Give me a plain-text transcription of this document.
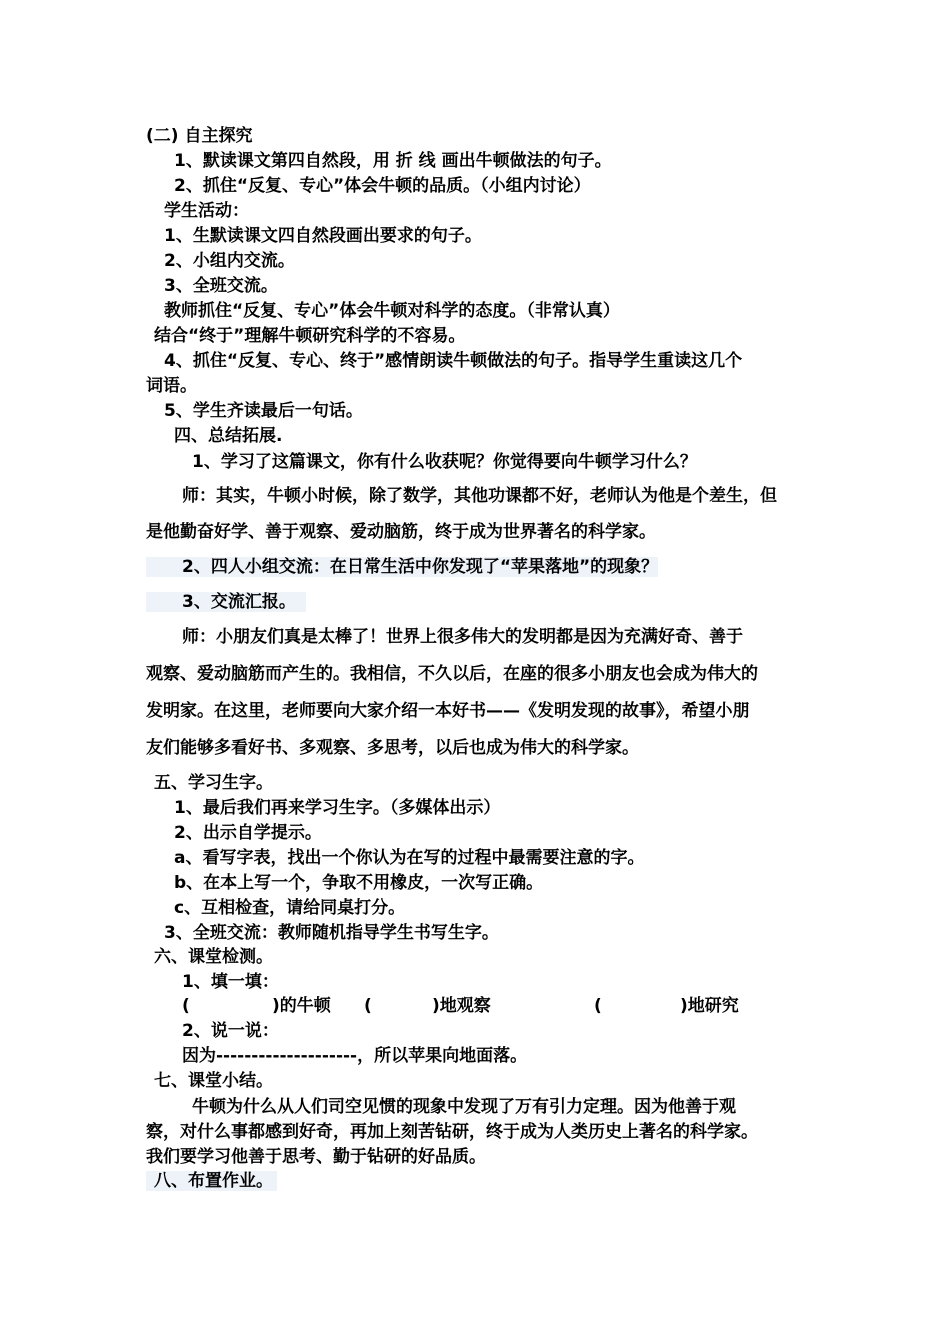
(二) 自主探究
1、默读课文第四自然段，用 折 线 画出牛顿做法的句子。
2、抓住“反复、专心”体会牛顿的品质。（小组内讨论）
学生活动：
1、生默读课文四自然段画出要求的句子。
2、小组内交流。
3、全班交流。
教师抓住“反复、专心”体会牛顿对科学的态度。（非常认真）
结合“终于”理解牛顿研究科学的不容易。
4、抓住“反复、专心、终于”感情朗读牛顿做法的句子。指导学生重读这几个
词语。
5、学生齐读最后一句话。
四、总结拓展.
1、学习了这篇课文，你有什么收获呢？你觉得要向牛顿学习什么？
师：其实，牛顿小时候，除了数学，其他功课都不好，老师认为他是个差生，但
是他勤奋好学、善于观察、爱动脑筋，终于成为世界著名的科学家。
2、四人小组交流：在日常生活中你发现了“苹果落地”的现象？
3、交流汇报。
师：小朋友们真是太棒了！世界上很多伟大的发明都是因为充满好奇、善于
观察、爱动脑筋而产生的。我相信，不久以后，在座的很多小朋友也会成为伟大的
发明家。在这里，老师要向大家介绍一本好书——《发明发现的故事》，希望小朋
友们能够多看好书、多观察、多思考，以后也成为伟大的科学家。
五、学习生字。
1、最后我们再来学习生字。（多媒体出示）
2、出示自学提示。
a、看写字表，找出一个你认为在写的过程中最需要注意的字。
b、在本上写一个，争取不用橡皮，一次写正确。
c、互相检查，请给同桌打分。
3、全班交流：教师随机指导学生书写生字。
六、课堂检测。
1、填一填：
(	)的牛顿 (	)地观察	(	)地研究
2、说一说：
因为--------------------，所以苹果向地面落。
七、课堂小结。
牛顿为什么从人们司空见惯的现象中发现了万有引力定理。因为他善于观
察，对什么事都感到好奇，再加上刻苦钻研，终于成为人类历史上著名的科学家。
我们要学习他善于思考、勤于钻研的好品质。
八、布置作业。
